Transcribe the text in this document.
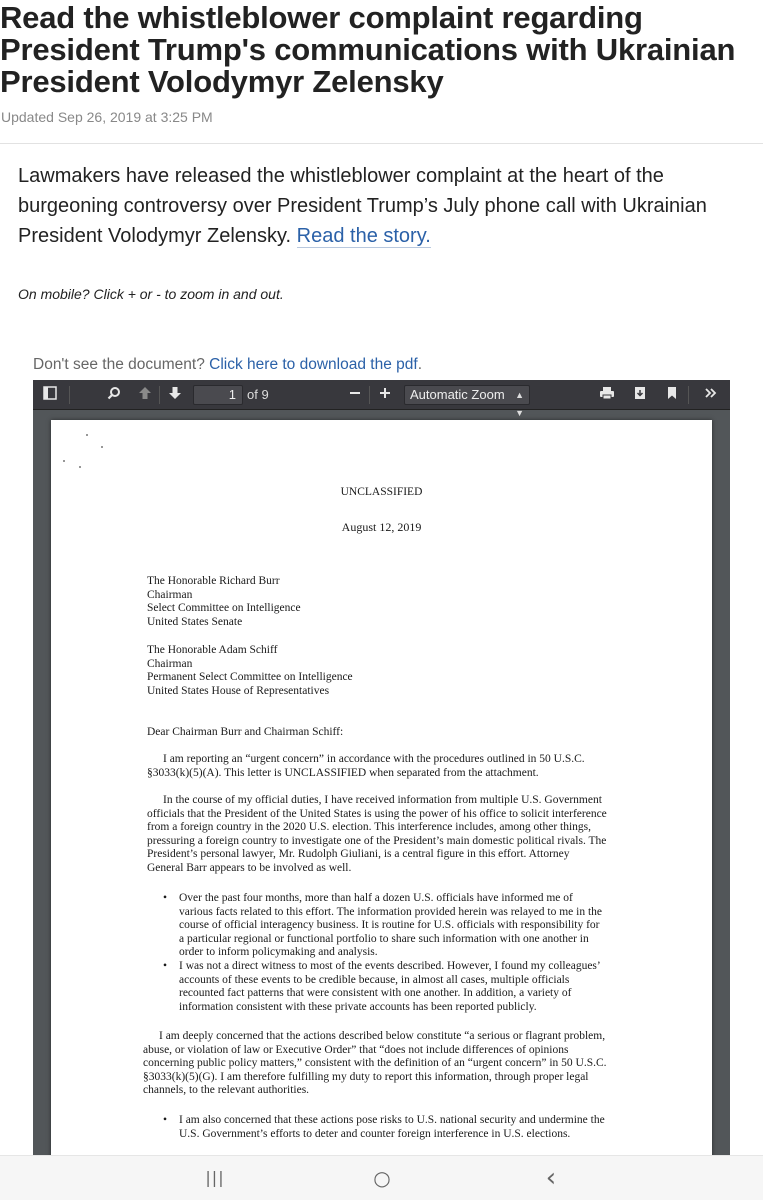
Read the whistleblower complaint regarding President Trump's communications with Ukrainian President Volodymyr Zelensky
Updated Sep 26, 2019 at 3:25 PM

Lawmakers have released the whistleblower complaint at the heart of the burgeoning controversy over President Trump’s July phone call with Ukrainian President Volodymyr Zelensky. Read the story.

On mobile? Click + or - to zoom in and out.
Don't see the document? Click here to download the pdf.
1 of 9	Automatic Zoom ▲
▼
UNCLASSIFIED
August 12, 2019
The Honorable Richard Burr
Chairman
Select Committee on Intelligence
United States Senate
The Honorable Adam Schiff
Chairman
Permanent Select Committee on Intelligence
United States House of Representatives
Dear Chairman Burr and Chairman Schiff:
I am reporting an “urgent concern” in accordance with the procedures outlined in 50 U.S.C. §3033(k)(5)(A). This letter is UNCLASSIFIED when separated from the attachment.
In the course of my official duties, I have received information from multiple U.S. Government officials that the President of the United States is using the power of his office to solicit interference from a foreign country in the 2020 U.S. election. This interference includes, among other things, pressuring a foreign country to investigate one of the President’s main domestic political rivals. The President’s personal lawyer, Mr. Rudolph Giuliani, is a central figure in this effort. Attorney General Barr appears to be involved as well.
• Over the past four months, more than half a dozen U.S. officials have informed me of various facts related to this effort. The information provided herein was relayed to me in the course of official interagency business. It is routine for U.S. officials with responsibility for a particular regional or functional portfolio to share such information with one another in order to inform policymaking and analysis.
• I was not a direct witness to most of the events described. However, I found my colleagues’ accounts of these events to be credible because, in almost all cases, multiple officials recounted fact patterns that were consistent with one another. In addition, a variety of information consistent with these private accounts has been reported publicly.
I am deeply concerned that the actions described below constitute “a serious or flagrant problem, abuse, or violation of law or Executive Order” that “does not include differences of opinions concerning public policy matters,” consistent with the definition of an “urgent concern” in 50 U.S.C. §3033(k)(5)(G). I am therefore fulfilling my duty to report this information, through proper legal channels, to the relevant authorities.
• I am also concerned that these actions pose risks to U.S. national security and undermine the U.S. Government’s efforts to deter and counter foreign interference in U.S. elections.
|||	○	‹
